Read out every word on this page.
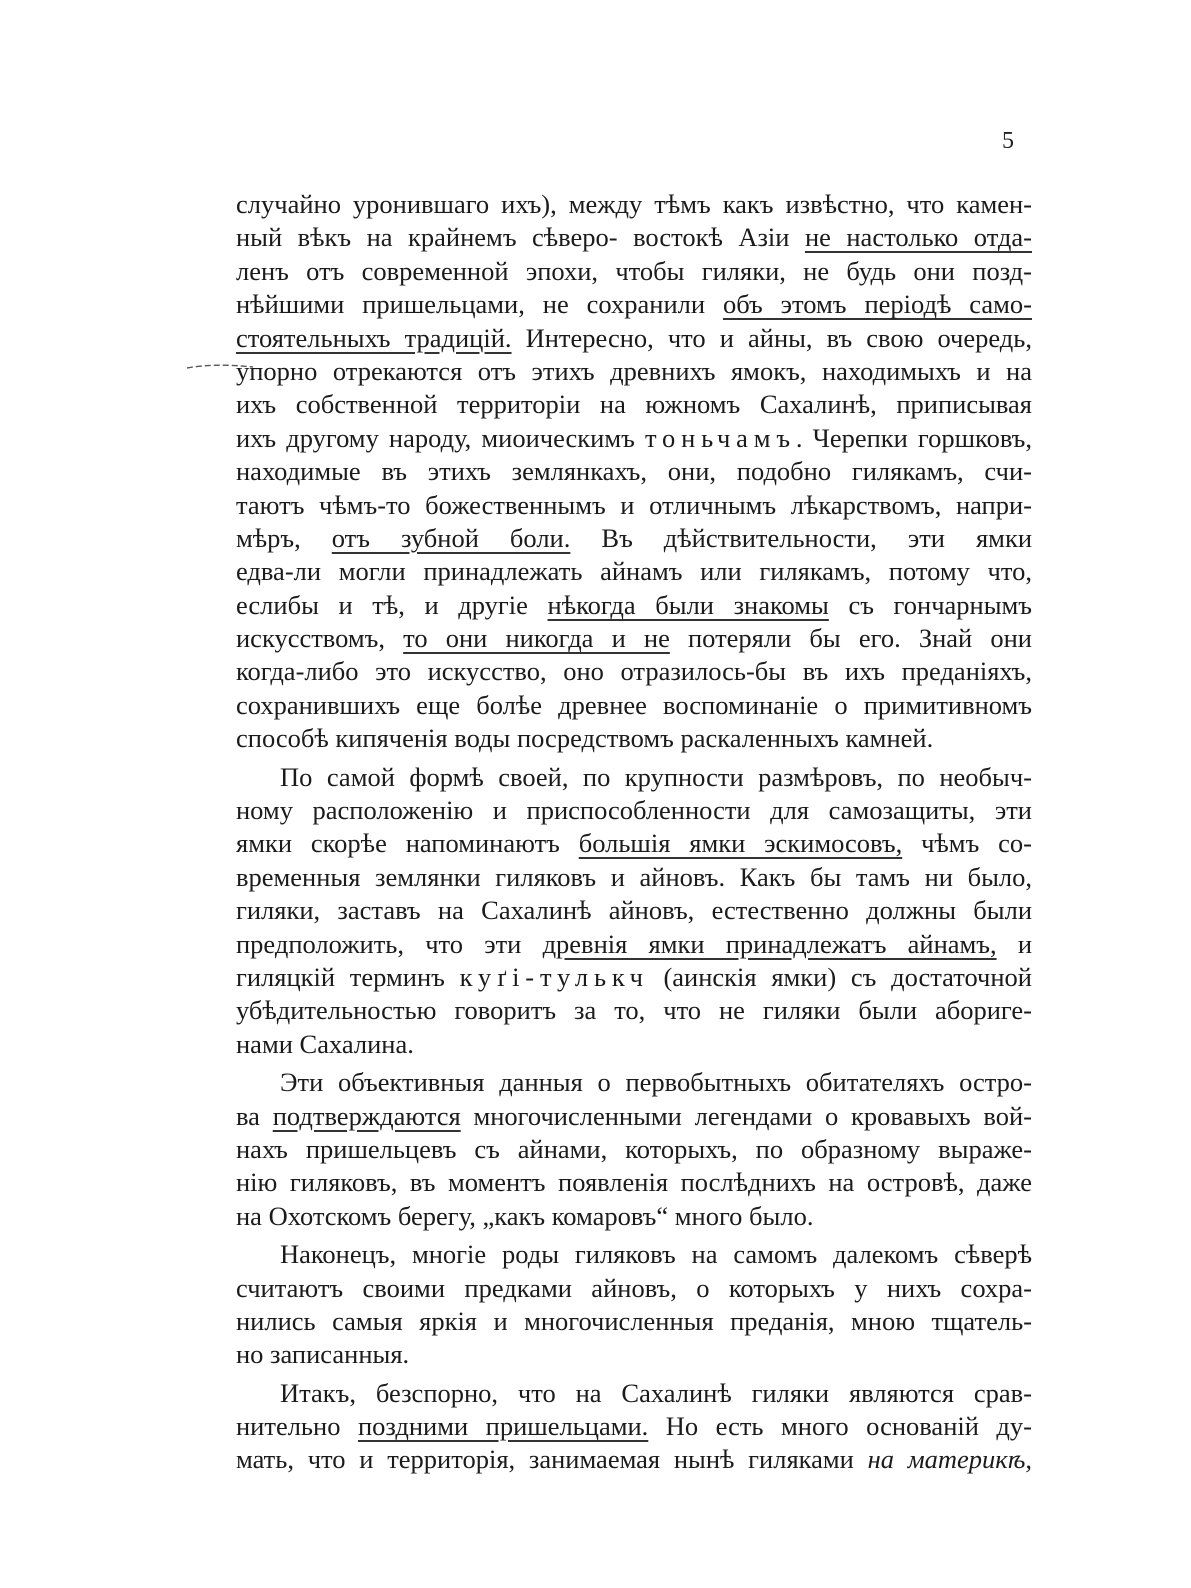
5
случайно уронившаго ихъ), между тѣмъ какъ извѣстно, что камен-
ный вѣкъ на крайнемъ сѣверо- востокѣ Азіи не настолько отда-
ленъ отъ современной эпохи, чтобы гиляки, не будь они позд-
нѣйшими пришельцами, не сохранили объ этомъ періодѣ само-
стоятельныхъ традицій. Интересно, что и айны, въ свою очередь,
упорно отрекаются отъ этихъ древнихъ ямокъ, находимыхъ и на
ихъ собственной территоріи на южномъ Сахалинѣ, приписывая
ихъ другому народу, миоическимъ тоньчамъ. Черепки горшковъ,
находимые въ этихъ землянкахъ, они, подобно гилякамъ, счи-
таютъ чѣмъ-то божественнымъ и отличнымъ лѣкарствомъ, напри-
мѣръ, отъ зубной боли. Въ дѣйствительности, эти ямки
едва-ли могли принадлежать айнамъ или гилякамъ, потому что,
еслибы и тѣ, и другіе нѣкогда были знакомы съ гончарнымъ
искусствомъ, то они никогда и не потеряли бы его. Знай они
когда-либо это искусство, оно отразилось-бы въ ихъ преданіяхъ,
сохранившихъ еще болѣе древнее воспоминаніе о примитивномъ
способѣ кипяченія воды посредствомъ раскаленныхъ камней.
По самой формѣ своей, по крупности размѣровъ, по необыч-
ному расположенію и приспособленности для самозащиты, эти
ямки скорѣе напоминаютъ большія ямки эскимосовъ, чѣмъ со-
временныя землянки гиляковъ и айновъ. Какъ бы тамъ ни было,
гиляки, заставъ на Сахалинѣ айновъ, естественно должны были
предположить, что эти древнія ямки принадлежатъ айнамъ, и
гиляцкій терминъ куґі-тулькч (аинскія ямки) съ достаточной
убѣдительностью говоритъ за то, что не гиляки были абориге-
нами Сахалина.
Эти объективныя данныя о первобытныхъ обитателяхъ остро-
ва подтверждаются многочисленными легендами о кровавыхъ вой-
нахъ пришельцевъ съ айнами, которыхъ, по образному выраже-
нію гиляковъ, въ моментъ появленія послѣднихъ на островѣ, даже
на Охотскомъ берегу, „какъ комаровъ“ много было.
Наконецъ, многіе роды гиляковъ на самомъ далекомъ сѣверѣ
считаютъ своими предками айновъ, о которыхъ у нихъ сохра-
нились самыя яркія и многочисленныя преданія, мною тщатель-
но записанныя.
Итакъ, безспорно, что на Сахалинѣ гиляки являются срав-
нительно поздними пришельцами. Но есть много основаній ду-
мать, что и территорія, занимаемая нынѣ гиляками на материкѣ,
